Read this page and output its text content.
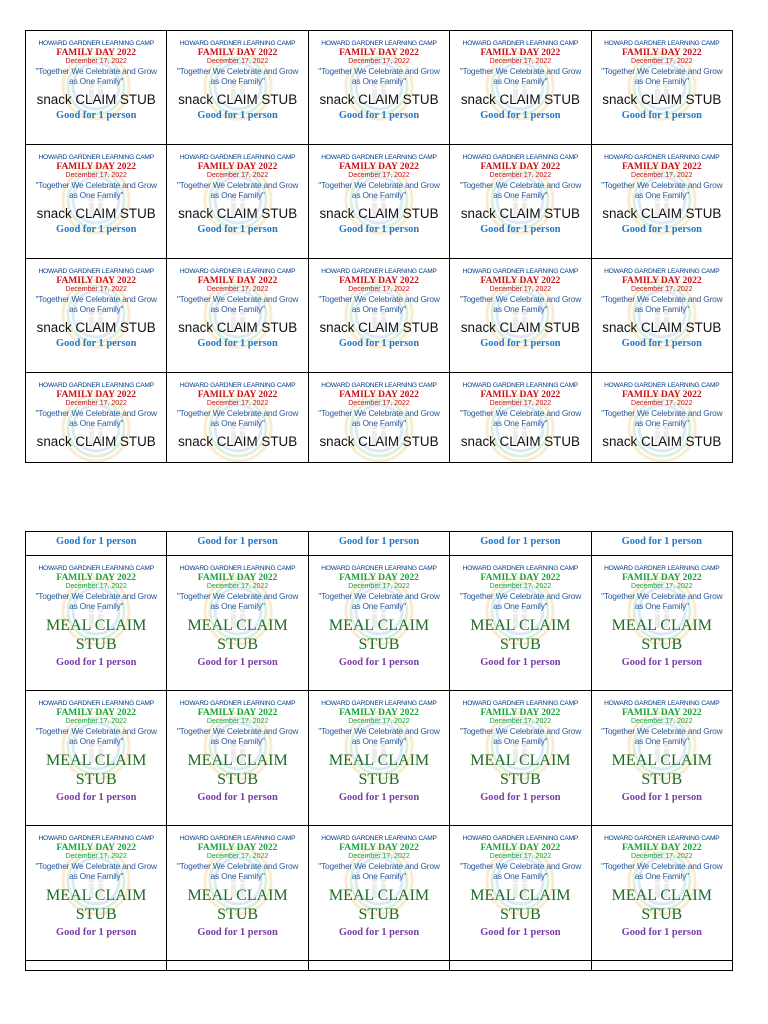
HOWARD GARDNER LEARNING CAMP
FAMILY DAY 2022
December 17, 2022
"Together We Celebrate and Grow
as One Family"
snack CLAIM STUB
Good for 1 person
HOWARD GARDNER LEARNING CAMP
FAMILY DAY 2022
December 17, 2022
"Together We Celebrate and Grow
as One Family"
snack CLAIM STUB
Good for 1 person
HOWARD GARDNER LEARNING CAMP
FAMILY DAY 2022
December 17, 2022
"Together We Celebrate and Grow
as One Family"
snack CLAIM STUB
Good for 1 person
HOWARD GARDNER LEARNING CAMP
FAMILY DAY 2022
December 17, 2022
"Together We Celebrate and Grow
as One Family"
snack CLAIM STUB
Good for 1 person
HOWARD GARDNER LEARNING CAMP
FAMILY DAY 2022
December 17, 2022
"Together We Celebrate and Grow
as One Family"
snack CLAIM STUB
Good for 1 person
HOWARD GARDNER LEARNING CAMP
FAMILY DAY 2022
December 17, 2022
"Together We Celebrate and Grow
as One Family"
snack CLAIM STUB
Good for 1 person
HOWARD GARDNER LEARNING CAMP
FAMILY DAY 2022
December 17, 2022
"Together We Celebrate and Grow
as One Family"
snack CLAIM STUB
Good for 1 person
HOWARD GARDNER LEARNING CAMP
FAMILY DAY 2022
December 17, 2022
"Together We Celebrate and Grow
as One Family"
snack CLAIM STUB
Good for 1 person
HOWARD GARDNER LEARNING CAMP
FAMILY DAY 2022
December 17, 2022
"Together We Celebrate and Grow
as One Family"
snack CLAIM STUB
Good for 1 person
HOWARD GARDNER LEARNING CAMP
FAMILY DAY 2022
December 17, 2022
"Together We Celebrate and Grow
as One Family"
snack CLAIM STUB
Good for 1 person
HOWARD GARDNER LEARNING CAMP
FAMILY DAY 2022
December 17, 2022
"Together We Celebrate and Grow
as One Family"
snack CLAIM STUB
Good for 1 person
HOWARD GARDNER LEARNING CAMP
FAMILY DAY 2022
December 17, 2022
"Together We Celebrate and Grow
as One Family"
snack CLAIM STUB
Good for 1 person
HOWARD GARDNER LEARNING CAMP
FAMILY DAY 2022
December 17, 2022
"Together We Celebrate and Grow
as One Family"
snack CLAIM STUB
Good for 1 person
HOWARD GARDNER LEARNING CAMP
FAMILY DAY 2022
December 17, 2022
"Together We Celebrate and Grow
as One Family"
snack CLAIM STUB
Good for 1 person
HOWARD GARDNER LEARNING CAMP
FAMILY DAY 2022
December 17, 2022
"Together We Celebrate and Grow
as One Family"
snack CLAIM STUB
Good for 1 person
HOWARD GARDNER LEARNING CAMP
FAMILY DAY 2022
December 17, 2022
"Together We Celebrate and Grow
as One Family"
snack CLAIM STUB
HOWARD GARDNER LEARNING CAMP
FAMILY DAY 2022
December 17, 2022
"Together We Celebrate and Grow
as One Family"
snack CLAIM STUB
HOWARD GARDNER LEARNING CAMP
FAMILY DAY 2022
December 17, 2022
"Together We Celebrate and Grow
as One Family"
snack CLAIM STUB
HOWARD GARDNER LEARNING CAMP
FAMILY DAY 2022
December 17, 2022
"Together We Celebrate and Grow
as One Family"
snack CLAIM STUB
HOWARD GARDNER LEARNING CAMP
FAMILY DAY 2022
December 17, 2022
"Together We Celebrate and Grow
as One Family"
snack CLAIM STUB
Good for 1 person	Good for 1 person	Good for 1 person	Good for 1 person	Good for 1 person
HOWARD GARDNER LEARNING CAMP
FAMILY DAY 2022
December 17, 2022
"Together We Celebrate and Grow
as One Family"
MEAL CLAIM
STUB
Good for 1 person
HOWARD GARDNER LEARNING CAMP
FAMILY DAY 2022
December 17, 2022
"Together We Celebrate and Grow
as One Family"
MEAL CLAIM
STUB
Good for 1 person
HOWARD GARDNER LEARNING CAMP
FAMILY DAY 2022
December 17, 2022
"Together We Celebrate and Grow
as One Family"
MEAL CLAIM
STUB
Good for 1 person
HOWARD GARDNER LEARNING CAMP
FAMILY DAY 2022
December 17, 2022
"Together We Celebrate and Grow
as One Family"
MEAL CLAIM
STUB
Good for 1 person
HOWARD GARDNER LEARNING CAMP
FAMILY DAY 2022
December 17, 2022
"Together We Celebrate and Grow
as One Family"
MEAL CLAIM
STUB
Good for 1 person
HOWARD GARDNER LEARNING CAMP
FAMILY DAY 2022
December 17, 2022
"Together We Celebrate and Grow
as One Family"
MEAL CLAIM
STUB
Good for 1 person
HOWARD GARDNER LEARNING CAMP
FAMILY DAY 2022
December 17, 2022
"Together We Celebrate and Grow
as One Family"
MEAL CLAIM
STUB
Good for 1 person
HOWARD GARDNER LEARNING CAMP
FAMILY DAY 2022
December 17, 2022
"Together We Celebrate and Grow
as One Family"
MEAL CLAIM
STUB
Good for 1 person
HOWARD GARDNER LEARNING CAMP
FAMILY DAY 2022
December 17, 2022
"Together We Celebrate and Grow
as One Family"
MEAL CLAIM
STUB
Good for 1 person
HOWARD GARDNER LEARNING CAMP
FAMILY DAY 2022
December 17, 2022
"Together We Celebrate and Grow
as One Family"
MEAL CLAIM
STUB
Good for 1 person
HOWARD GARDNER LEARNING CAMP
FAMILY DAY 2022
December 17, 2022
"Together We Celebrate and Grow
as One Family"
MEAL CLAIM
STUB
Good for 1 person
HOWARD GARDNER LEARNING CAMP
FAMILY DAY 2022
December 17, 2022
"Together We Celebrate and Grow
as One Family"
MEAL CLAIM
STUB
Good for 1 person
HOWARD GARDNER LEARNING CAMP
FAMILY DAY 2022
December 17, 2022
"Together We Celebrate and Grow
as One Family"
MEAL CLAIM
STUB
Good for 1 person
HOWARD GARDNER LEARNING CAMP
FAMILY DAY 2022
December 17, 2022
"Together We Celebrate and Grow
as One Family"
MEAL CLAIM
STUB
Good for 1 person
HOWARD GARDNER LEARNING CAMP
FAMILY DAY 2022
December 17, 2022
"Together We Celebrate and Grow
as One Family"
MEAL CLAIM
STUB
Good for 1 person
